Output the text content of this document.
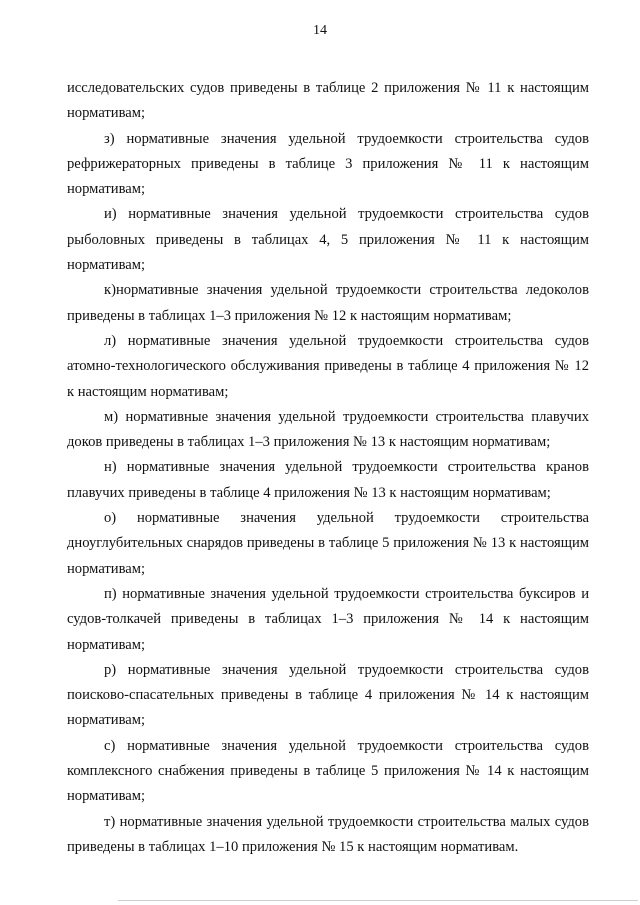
14

исследовательских судов приведены в таблице 2 приложения № 11 к настоящим нормативам;

з) нормативные значения удельной трудоемкости строительства судов рефрижераторных приведены в таблице 3 приложения № 11 к настоящим нормативам;

и) нормативные значения удельной трудоемкости строительства судов рыболовных приведены в таблицах 4, 5 приложения № 11 к настоящим нормативам;

к)нормативные значения удельной трудоемкости строительства ледоколов приведены в таблицах 1–3 приложения № 12 к настоящим нормативам;

л) нормативные значения удельной трудоемкости строительства судов атомно-технологического обслуживания приведены в таблице 4 приложения № 12 к настоящим нормативам;

м) нормативные значения удельной трудоемкости строительства плавучих доков приведены в таблицах 1–3 приложения № 13 к настоящим нормативам;

н) нормативные значения удельной трудоемкости строительства кранов плавучих приведены в таблице 4 приложения № 13 к настоящим нормативам;

о) нормативные значения удельной трудоемкости строительства дноуглубительных снарядов приведены в таблице 5 приложения № 13 к настоящим нормативам;

п) нормативные значения удельной трудоемкости строительства буксиров и судов-толкачей приведены в таблицах 1–3 приложения № 14 к настоящим нормативам;

р) нормативные значения удельной трудоемкости строительства судов поисково-спасательных приведены в таблице 4 приложения № 14 к настоящим нормативам;

с) нормативные значения удельной трудоемкости строительства судов комплексного снабжения приведены в таблице 5 приложения № 14 к настоящим нормативам;

т) нормативные значения удельной трудоемкости строительства малых судов приведены в таблицах 1–10 приложения № 15 к настоящим нормативам.
